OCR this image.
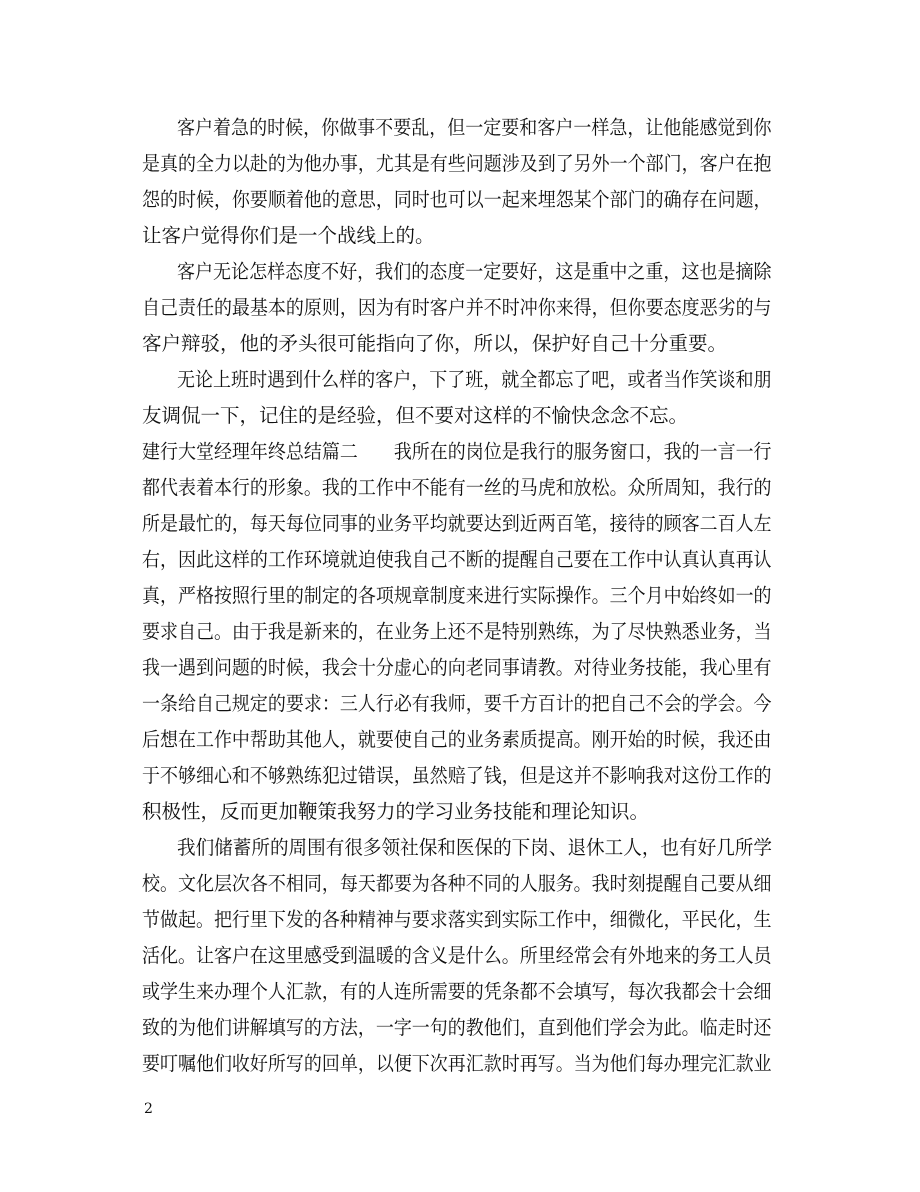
客户着急的时候，你做事不要乱，但一定要和客户一样急，让他能感觉到你
是真的全力以赴的为他办事，尤其是有些问题涉及到了另外一个部门，客户在抱
怨的时候，你要顺着他的意思，同时也可以一起来埋怨某个部门的确存在问题，
让客户觉得你们是一个战线上的。
客户无论怎样态度不好，我们的态度一定要好，这是重中之重，这也是摘除
自己责任的最基本的原则，因为有时客户并不时冲你来得，但你要态度恶劣的与
客户辩驳，他的矛头很可能指向了你，所以，保护好自己十分重要。
无论上班时遇到什么样的客户，下了班，就全都忘了吧，或者当作笑谈和朋
友调侃一下，记住的是经验，但不要对这样的不愉快念念不忘。
建行大堂经理年终总结篇二　　我所在的岗位是我行的服务窗口，我的一言一行
都代表着本行的形象。我的工作中不能有一丝的马虎和放松。众所周知，我行的
所是最忙的，每天每位同事的业务平均就要达到近两百笔，接待的顾客二百人左
右，因此这样的工作环境就迫使我自己不断的提醒自己要在工作中认真认真再认
真，严格按照行里的制定的各项规章制度来进行实际操作。三个月中始终如一的
要求自己。由于我是新来的，在业务上还不是特别熟练，为了尽快熟悉业务，当
我一遇到问题的时候，我会十分虚心的向老同事请教。对待业务技能，我心里有
一条给自己规定的要求：三人行必有我师，要千方百计的把自己不会的学会。今
后想在工作中帮助其他人，就要使自己的业务素质提高。刚开始的时候，我还由
于不够细心和不够熟练犯过错误，虽然赔了钱，但是这并不影响我对这份工作的
积极性，反而更加鞭策我努力的学习业务技能和理论知识。
我们储蓄所的周围有很多领社保和医保的下岗、退休工人，也有好几所学
校。文化层次各不相同，每天都要为各种不同的人服务。我时刻提醒自己要从细
节做起。把行里下发的各种精神与要求落实到实际工作中，细微化，平民化，生
活化。让客户在这里感受到温暖的含义是什么。所里经常会有外地来的务工人员
或学生来办理个人汇款，有的人连所需要的凭条都不会填写，每次我都会十会细
致的为他们讲解填写的方法，一字一句的教他们，直到他们学会为此。临走时还
要叮嘱他们收好所写的回单，以便下次再汇款时再写。当为他们每办理完汇款业
2
